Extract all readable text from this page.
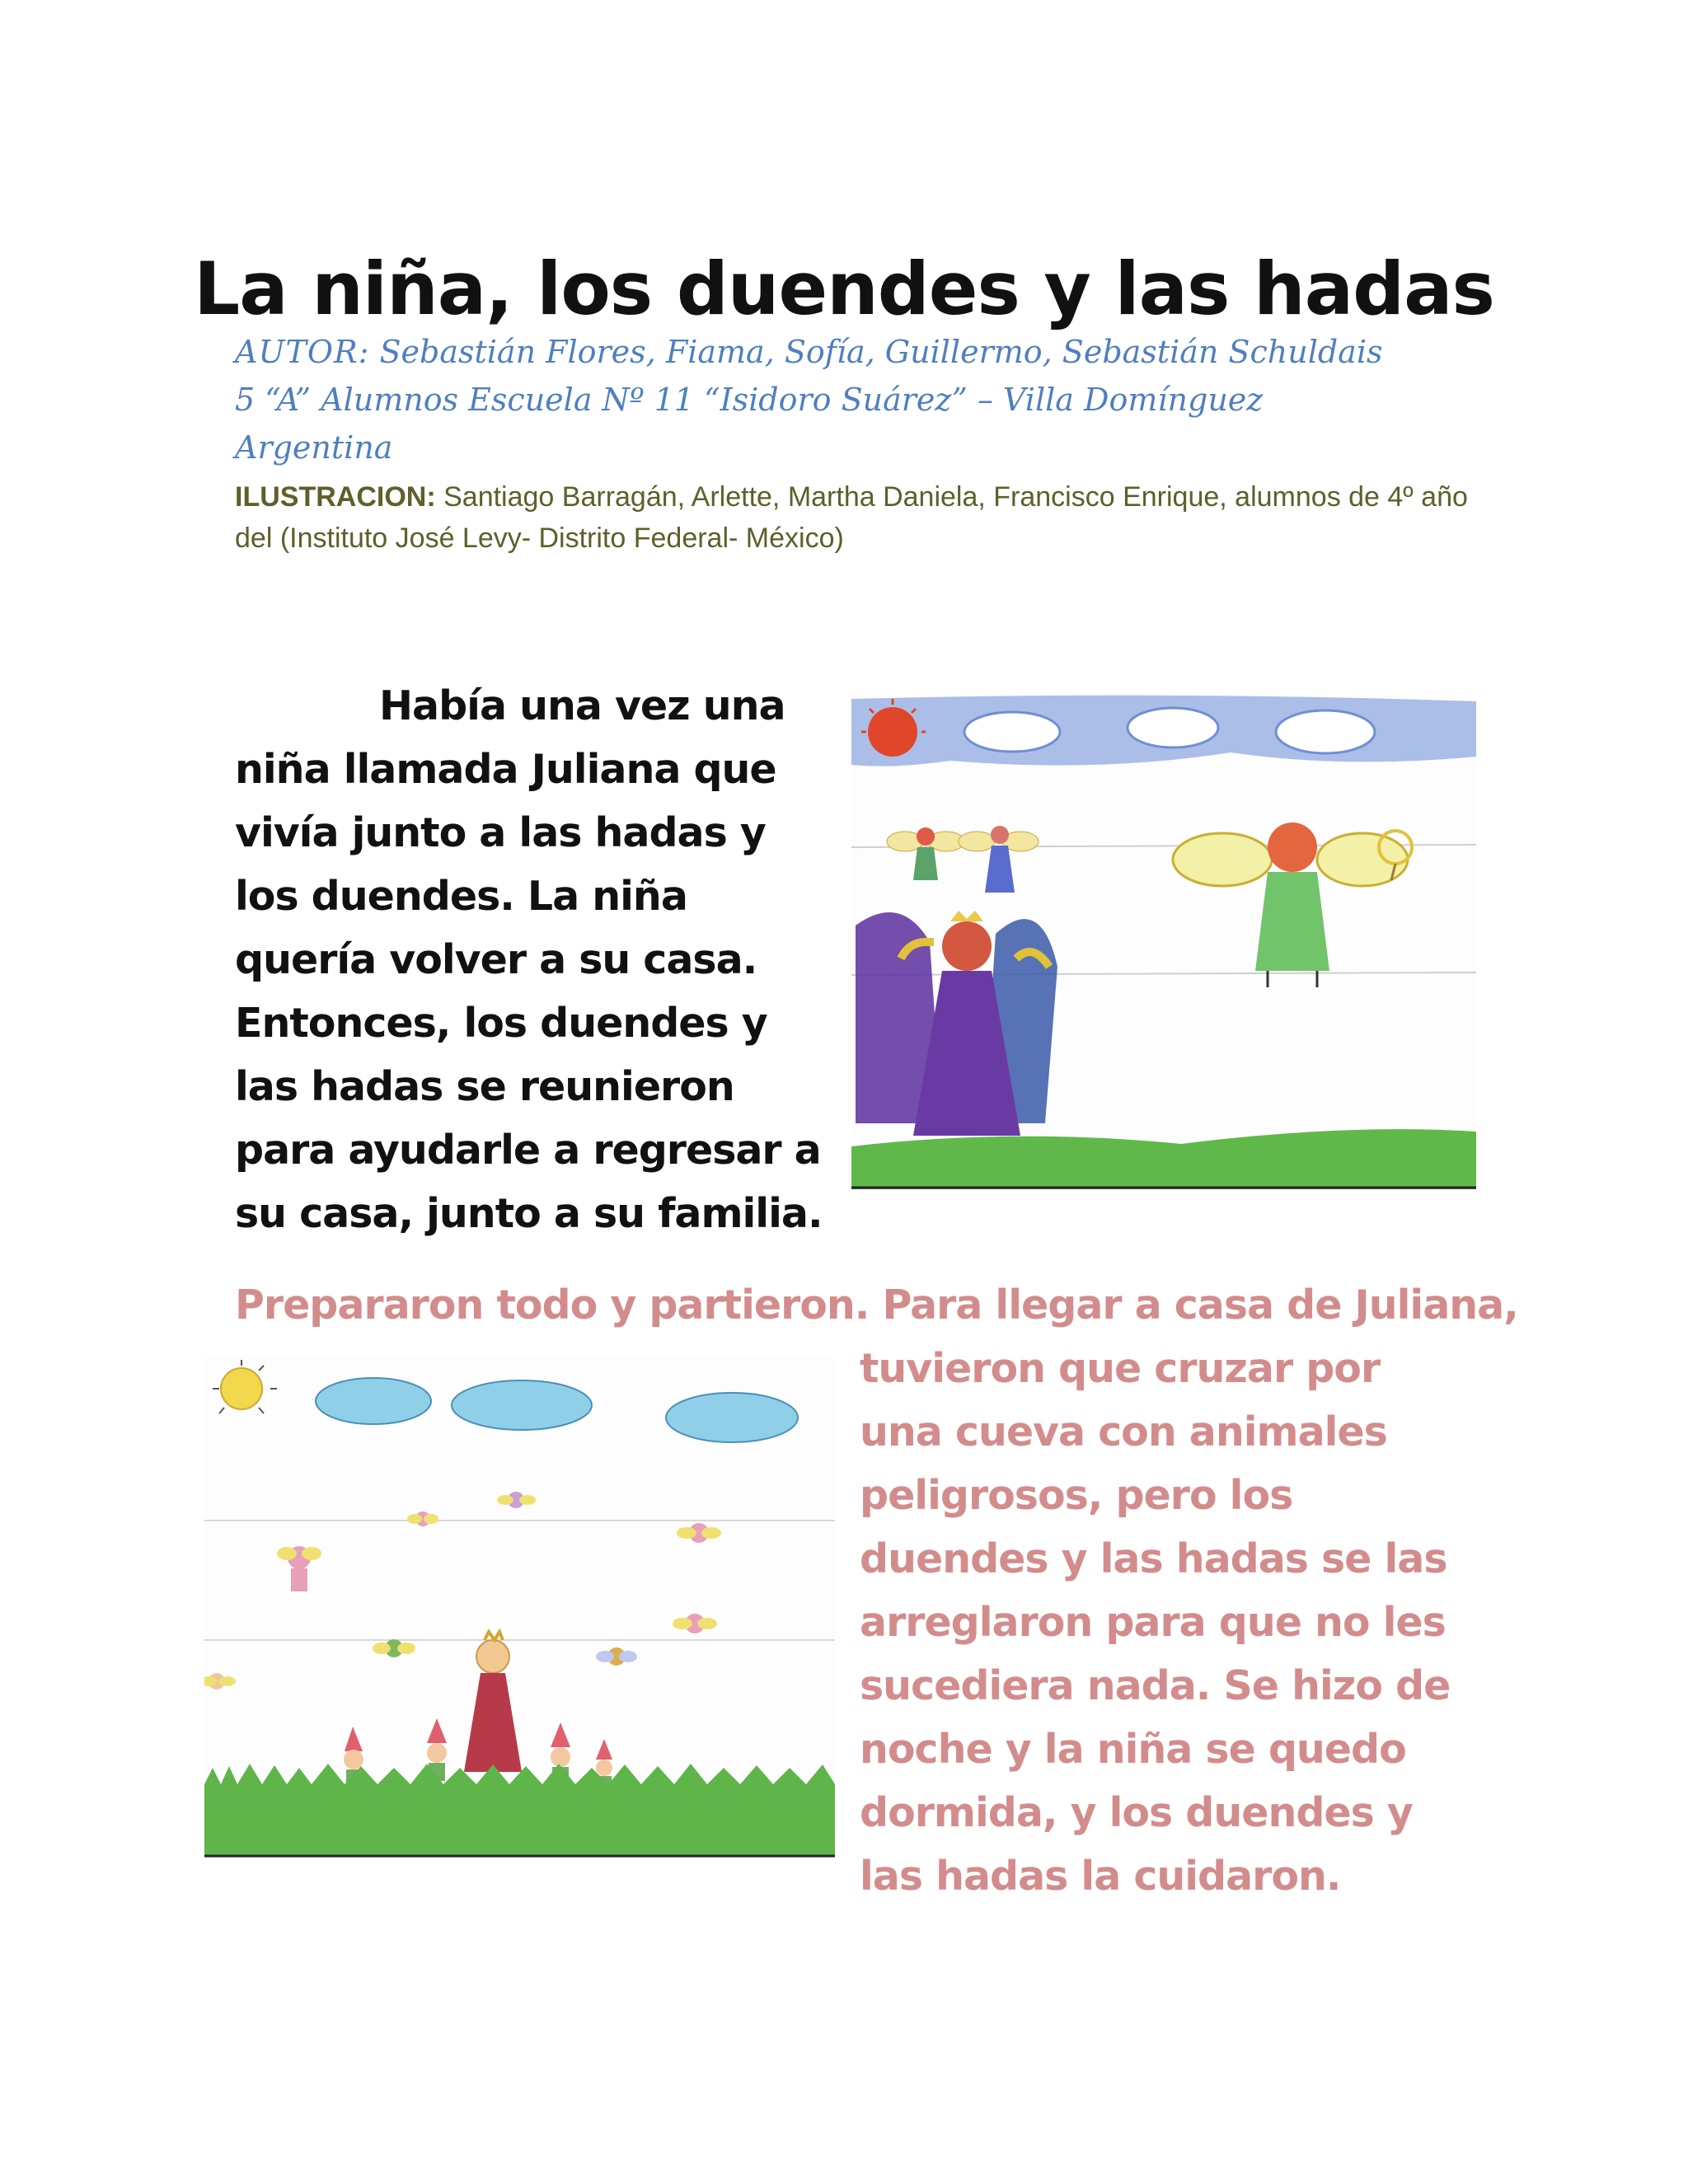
La niña, los duendes y las hadas
AUTOR: Sebastián Flores, Fiama, Sofía, Guillermo, Sebastián Schuldais
5 “A” Alumnos Escuela Nº 11 “Isidoro Suárez” – Villa Domínguez
Argentina
ILUSTRACION: Santiago Barragán, Arlette, Martha Daniela, Francisco Enrique, alumnos de 4º año del (Instituto José Levy- Distrito Federal- México)
Había una vez una niña llamada Juliana que vivía junto a las hadas y los duendes. La niña quería volver a su casa. Entonces, los duendes y las hadas se reunieron para ayudarle a regresar a su casa, junto a su familia.
Prepararon todo y partieron. Para llegar a casa de Juliana,
tuvieron que cruzar por una cueva con animales peligrosos, pero los duendes y las hadas se las arreglaron para que no les sucediera nada. Se hizo de noche y la niña se quedo dormida, y los duendes y las hadas la cuidaron.
